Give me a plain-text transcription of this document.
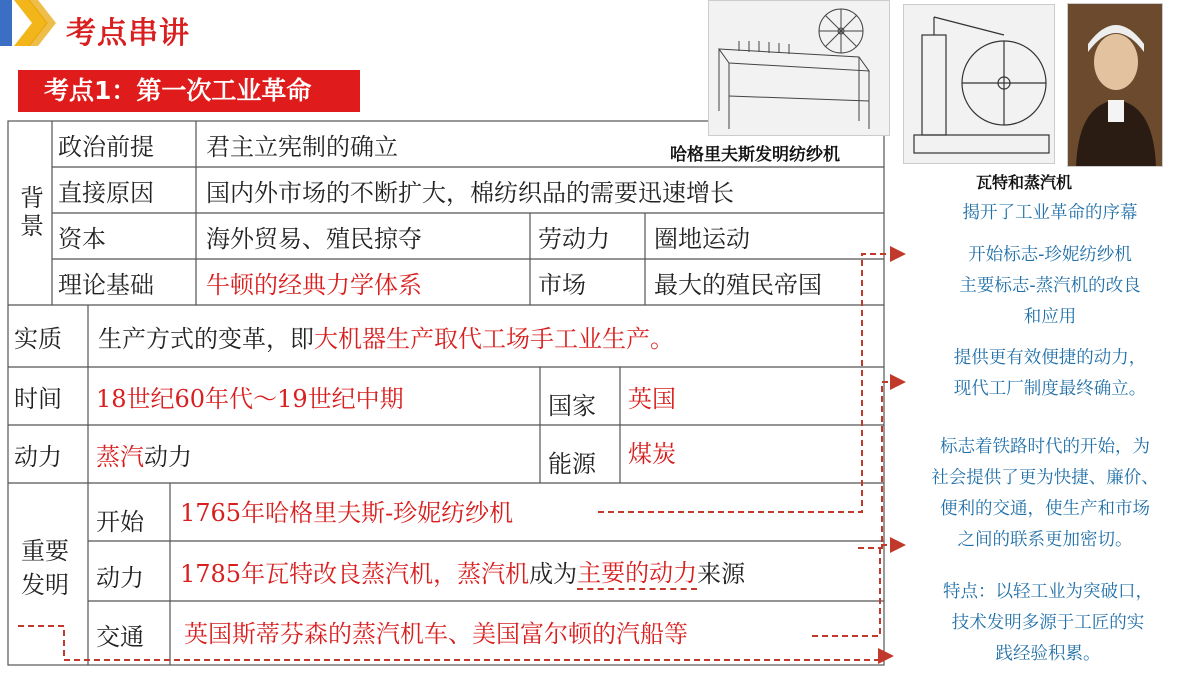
考点串讲
考点1：第一次工业革命
背景
政治前提 君主立宪制的确立
直接原因 国内外市场的不断扩大，棉纺织品的需要迅速增长
资本	海外贸易、殖民掠夺	劳动力 圈地运动
理论基础 牛顿的经典力学体系	市场	最大的殖民帝国
实质 生产方式的变革，即 大机器生产取代工场手工业生产。
时间 18世纪60年代～19世纪中期	国家 英国
动力 蒸汽 动力	能源 煤炭
重要发明
开始 1765年哈格里夫斯-珍妮纺纱机
动力 1785年瓦特改良蒸汽机，蒸汽机 成为 主要的动力 来源
交通 英国斯蒂芬森的蒸汽机车、美国富尔顿的汽船等
哈格里夫斯发明纺纱机
瓦特和蒸汽机
揭开了工业革命的序幕
开始标志-珍妮纺纱机
主要标志-蒸汽机的改良
和应用
提供更有效便捷的动力，
现代工厂制度最终确立。
标志着铁路时代的开始，为
社会提供了更为快捷、廉价、
便利的交通，使生产和市场
之间的联系更加密切。
特点：以轻工业为突破口，
技术发明多源于工匠的实
践经验积累。
